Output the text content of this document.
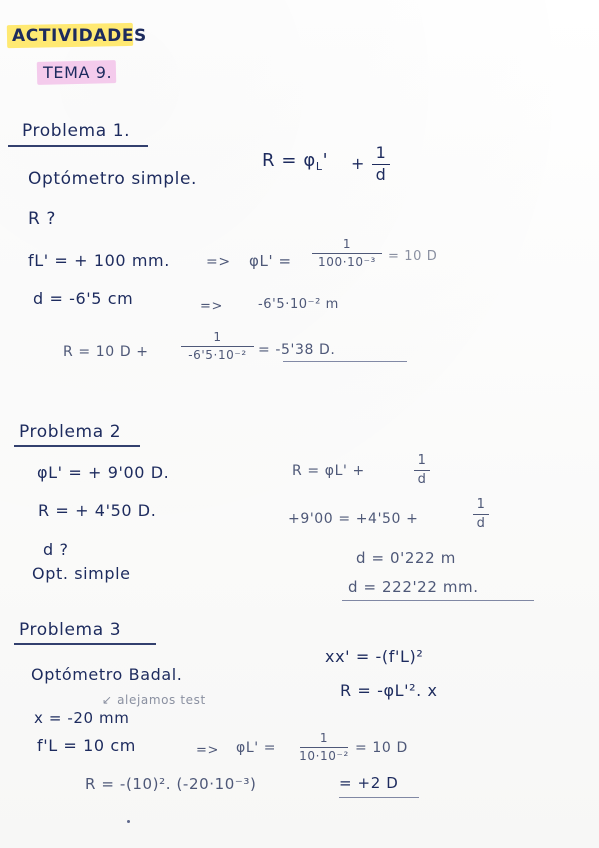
ACTIVIDADES
TEMA 9.
Problema 1.
Optómetro simple.
$R = \varphi_L'$ +
1
d
R ?
fL' = + 100 mm.	=> φL' =
1
100·10⁻³ = 10 D
d = -6'5 cm	=>	-6'5·10⁻² m
R = 10 D +
1
-6'5·10⁻² = -5'38 D.
Problema 2
φL' = + 9'00 D.
R = + 4'50 D.
d ?
Opt. simple
R = φL' +
1
d
+9'00 = +4'50 +
1
d
d = 0'222 m
d = 222'22 mm.
Problema 3
Optómetro Badal.
xx' = -(f'L)²
R = -φL'². x
↙ alejamos test
x = -20 mm
f'L = 10 cm	=> φL' =
1
10·10⁻² = 10 D
R = -(10)². (-20·10⁻³)	= +2 D
